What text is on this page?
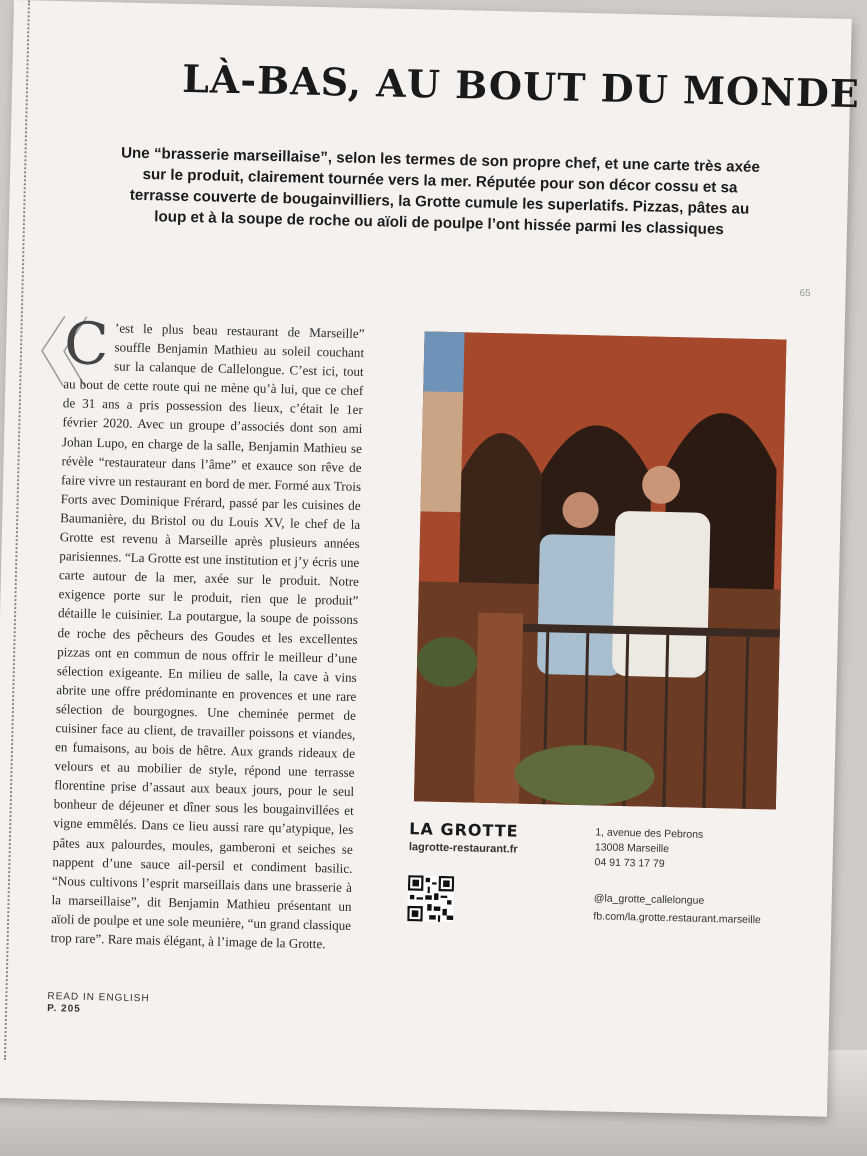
LÀ-BAS, AU BOUT DU MONDE

Une “brasserie marseillaise”, selon les termes de son propre chef, et une carte très axée sur le produit, clairement tournée vers la mer. Réputée pour son décor cossu et sa terrasse couverte de bougainvilliers, la Grotte cumule les superlatifs. Pizzas, pâtes au loup et à la soupe de roche ou aïoli de poulpe l’ont hissée parmi les classiques

65

C ’est le plus beau restaurant de Marseille” souffle Benjamin Mathieu au soleil couchant sur la calanque de Callelongue. C’est ici, tout au bout de cette route qui ne mène qu’à lui, que ce chef de 31 ans a pris possession des lieux, c’était le 1er février 2020. Avec un groupe d’associés dont son ami Johan Lupo, en charge de la salle, Benjamin Mathieu se révèle “restaurateur dans l’âme” et exauce son rêve de faire vivre un restaurant en bord de mer. Formé aux Trois Forts avec Dominique Frérard, passé par les cuisines de Baumanière, du Bristol ou du Louis XV, le chef de la Grotte est revenu à Marseille après plusieurs années parisiennes. “La Grotte est une institution et j’y écris une carte autour de la mer, axée sur le produit. Notre exigence porte sur le produit, rien que le produit” détaille le cuisinier. La poutargue, la soupe de poissons de roche des pêcheurs des Goudes et les excellentes pizzas ont en commun de nous offrir le meilleur d’une sélection exigeante. En milieu de salle, la cave à vins abrite une offre prédominante en provences et une rare sélection de bourgognes. Une cheminée permet de cuisiner face au client, de travailler poissons et viandes, en fumaisons, au bois de hêtre. Aux grands rideaux de velours et au mobilier de style, répond une terrasse florentine prise d’assaut aux beaux jours, pour le seul bonheur de déjeuner et dîner sous les bougainvillées et vigne emmêlés. Dans ce lieu aussi rare qu’atypique, les pâtes aux palourdes, moules, gamberoni et seiches se nappent d’une sauce ail-persil et condiment basilic. “Nous cultivons l’esprit marseillais dans une brasserie à la marseillaise”, dit Benjamin Mathieu présentant un aïoli de poulpe et une sole meunière, “un grand classique trop rare”. Rare mais élégant, à l’image de la Grotte.

LA GROTTE
lagrotte-restaurant.fr
1, avenue des Pebrons
13008 Marseille
04 91 73 17 79
@la_grotte_callelongue
fb.com/la.grotte.restaurant.marseille
READ IN ENGLISH
P. 205
